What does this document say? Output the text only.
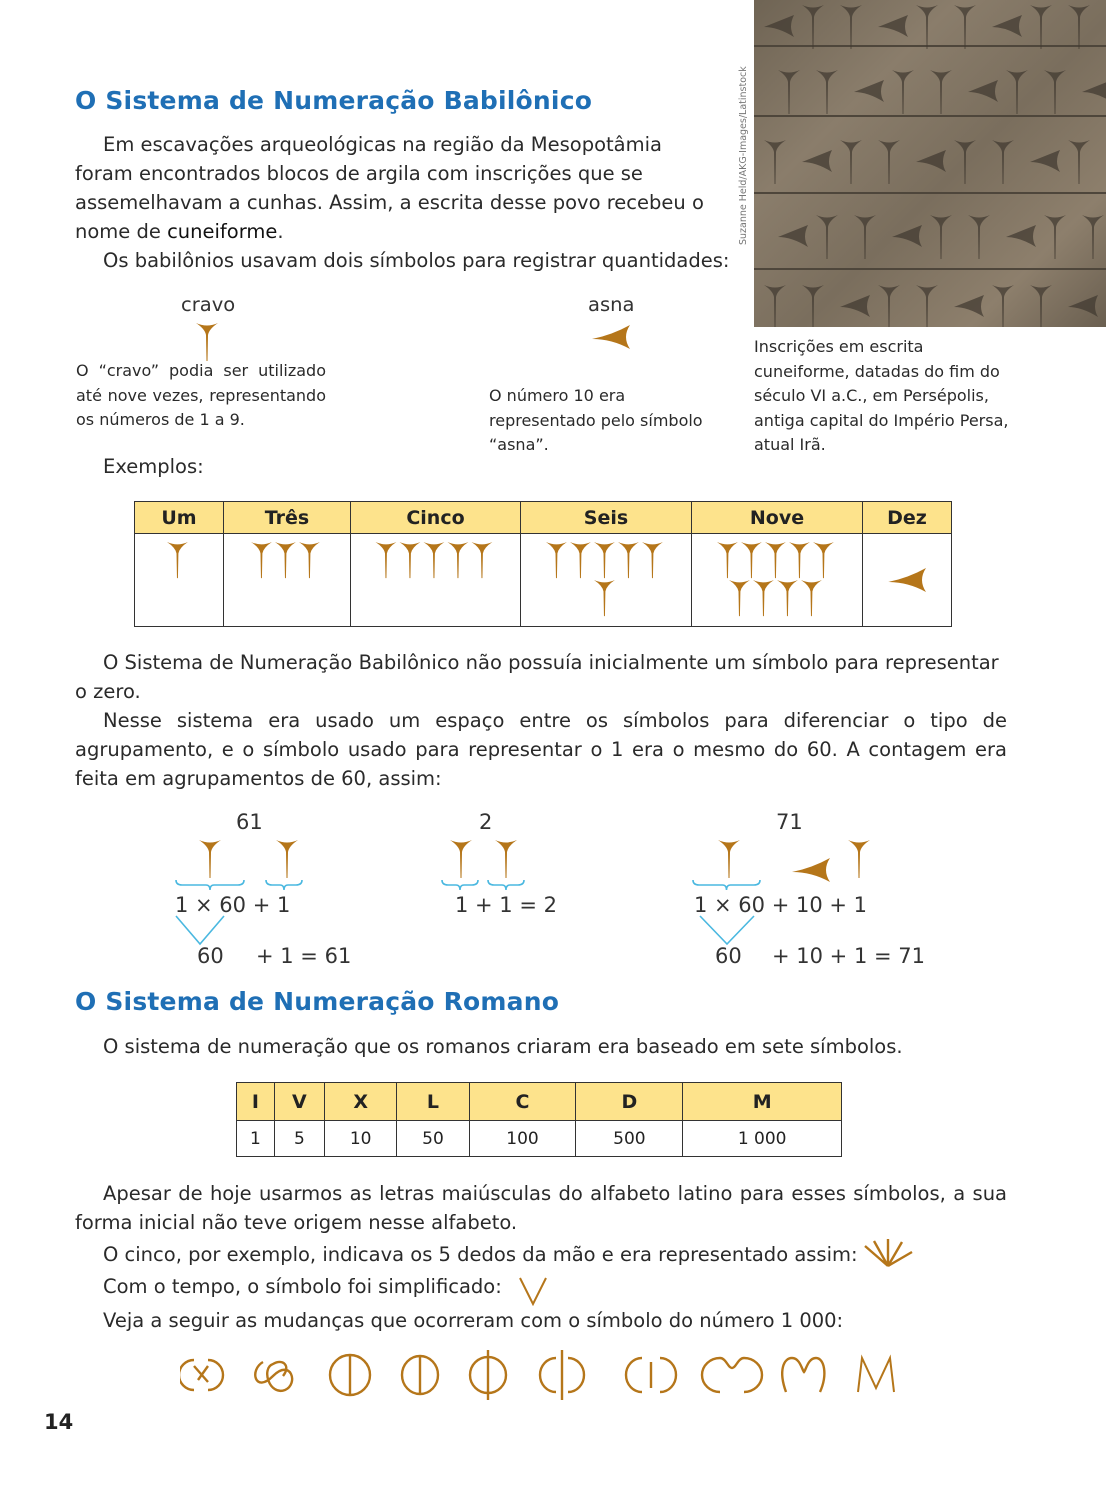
Suzanne Held/AKG-Images/Latinstock
Inscrições em escrita cuneiforme, datadas do fim do século VI a.C., em Persépolis, antiga capital do Império Persa, atual Irã.
O Sistema de Numeração Babilônico
Em escavações arqueológicas na região da Mesopotâmia foram encontrados blocos de argila com inscrições que se assemelhavam a cunhas. Assim, a escrita desse povo recebeu o nome de cuneiforme.
Os babilônios usavam dois símbolos para registrar quantidades:
cravo
O “cravo” podia ser utilizado até nove vezes, representando os números de 1 a 9.
asna
O número 10 era representado pelo símbolo “asna”.
Exemplos:
Um	Três	Cinco	Seis	Nove	Dez

O Sistema de Numeração Babilônico não possuía inicialmente um símbolo para representar o zero.
Nesse sistema era usado um espaço entre os símbolos para diferenciar o tipo de agrupamento, e o símbolo usado para representar o 1 era o mesmo do 60. A contagem era feita em agrupamentos de 60, assim:
61	2	71
1 × 60 + 1
60 + 1 = 61
1 + 1 = 2	1 × 60 + 10 + 1
60 + 10 + 1 = 71
O Sistema de Numeração Romano
O sistema de numeração que os romanos criaram era baseado em sete símbolos.
I	V	X	L	C	D	M
1	5	10	50	100	500	1 000
Apesar de hoje usarmos as letras maiúsculas do alfabeto latino para esses símbolos, a sua forma inicial não teve origem nesse alfabeto.
O cinco, por exemplo, indicava os 5 dedos da mão e era representado assim:
Com o tempo, o símbolo foi simplificado:
Veja a seguir as mudanças que ocorreram com o símbolo do número 1 000:
14
